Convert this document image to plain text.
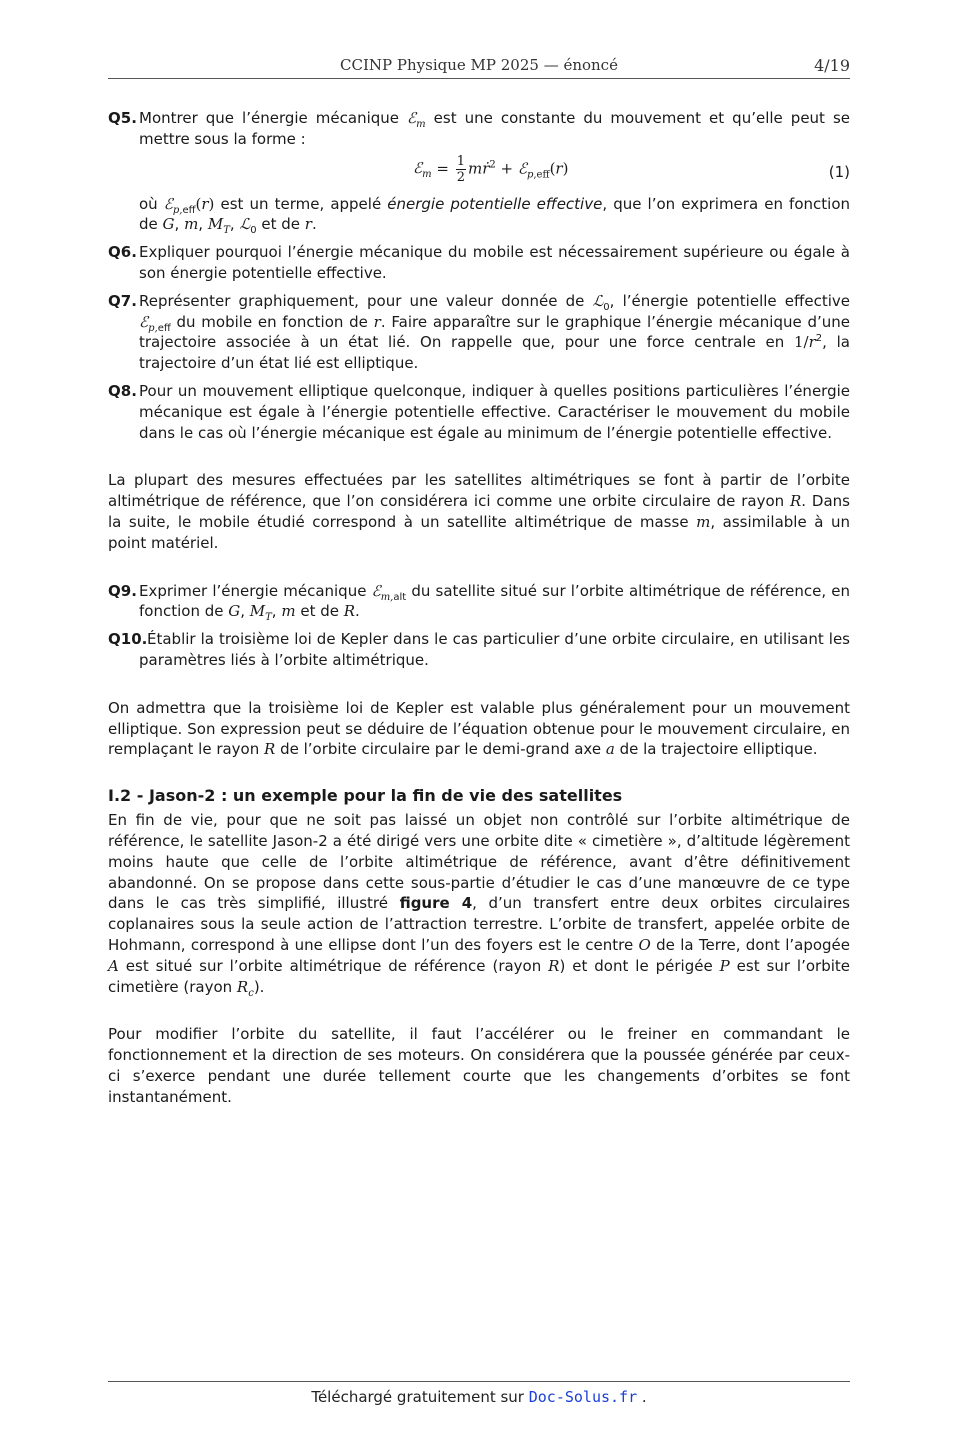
CCINP Physique MP 2025 — énoncé	4/19
Q5. Montrer que l’énergie mécanique ℰ$_m$ est une constante du mouvement et qu’elle peut se mettre sous la forme :
ℰ$_m$ = $\frac{1}{2}$ mṙ$^2$ + ℰ$_{p,eff}$(r)	(1)
où ℰ$_{p,eff}$(r) est un terme, appelé énergie potentielle effective, que l’on exprimera en fonction de G, m, $M_T$, ℒ$_0$ et de r.
Q6. Expliquer pourquoi l’énergie mécanique du mobile est nécessairement supérieure ou égale à son énergie potentielle effective.
Q7. Représenter graphiquement, pour une valeur donnée de ℒ$_0$, l’énergie potentielle effective ℰ$_{p,eff}$ du mobile en fonction de r. Faire apparaître sur le graphique l’énergie mécanique d’une trajectoire associée à un état lié. On rappelle que, pour une force centrale en $1/r^2$, la trajectoire d’un état lié est elliptique.
Q8. Pour un mouvement elliptique quelconque, indiquer à quelles positions particulières l’énergie mécanique est égale à l’énergie potentielle effective. Caractériser le mouvement du mobile dans le cas où l’énergie mécanique est égale au minimum de l’énergie potentielle effective.

La plupart des mesures effectuées par les satellites altimétriques se font à partir de l’orbite altimétrique de référence, que l’on considérera ici comme une orbite circulaire de rayon R. Dans la suite, le mobile étudié correspond à un satellite altimétrique de masse m, assimilable à un point matériel.

Q9. Exprimer l’énergie mécanique ℰ$_{m,alt}$ du satellite situé sur l’orbite altimétrique de référence, en fonction de G, $M_T$, m et de R.
Q10. Établir la troisième loi de Kepler dans le cas particulier d’une orbite circulaire, en utilisant les paramètres liés à l’orbite altimétrique.

On admettra que la troisième loi de Kepler est valable plus généralement pour un mouvement elliptique. Son expression peut se déduire de l’équation obtenue pour le mouvement circulaire, en remplaçant le rayon R de l’orbite circulaire par le demi-grand axe a de la trajectoire elliptique.

I.2 - Jason-2 : un exemple pour la fin de vie des satellites

En fin de vie, pour que ne soit pas laissé un objet non contrôlé sur l’orbite altimétrique de référence, le satellite Jason-2 a été dirigé vers une orbite dite « cimetière », d’altitude légèrement moins haute que celle de l’orbite altimétrique de référence, avant d’être définitivement abandonné. On se propose dans cette sous-partie d’étudier le cas d’une manœuvre de ce type dans le cas très simplifié, illustré figure 4, d’un transfert entre deux orbites circulaires coplanaires sous la seule action de l’attraction terrestre. L’orbite de transfert, appelée orbite de Hohmann, correspond à une ellipse dont l’un des foyers est le centre O de la Terre, dont l’apogée A est situé sur l’orbite altimétrique de référence (rayon R) et dont le périgée P est sur l’orbite cimetière (rayon $R_c$).

Pour modifier l’orbite du satellite, il faut l’accélérer ou le freiner en commandant le fonctionnement et la direction de ses moteurs. On considérera que la poussée générée par ceux-ci s’exerce pendant une durée tellement courte que les changements d’orbites se font instantanément.

Téléchargé gratuitement sur Doc-Solus.fr .
